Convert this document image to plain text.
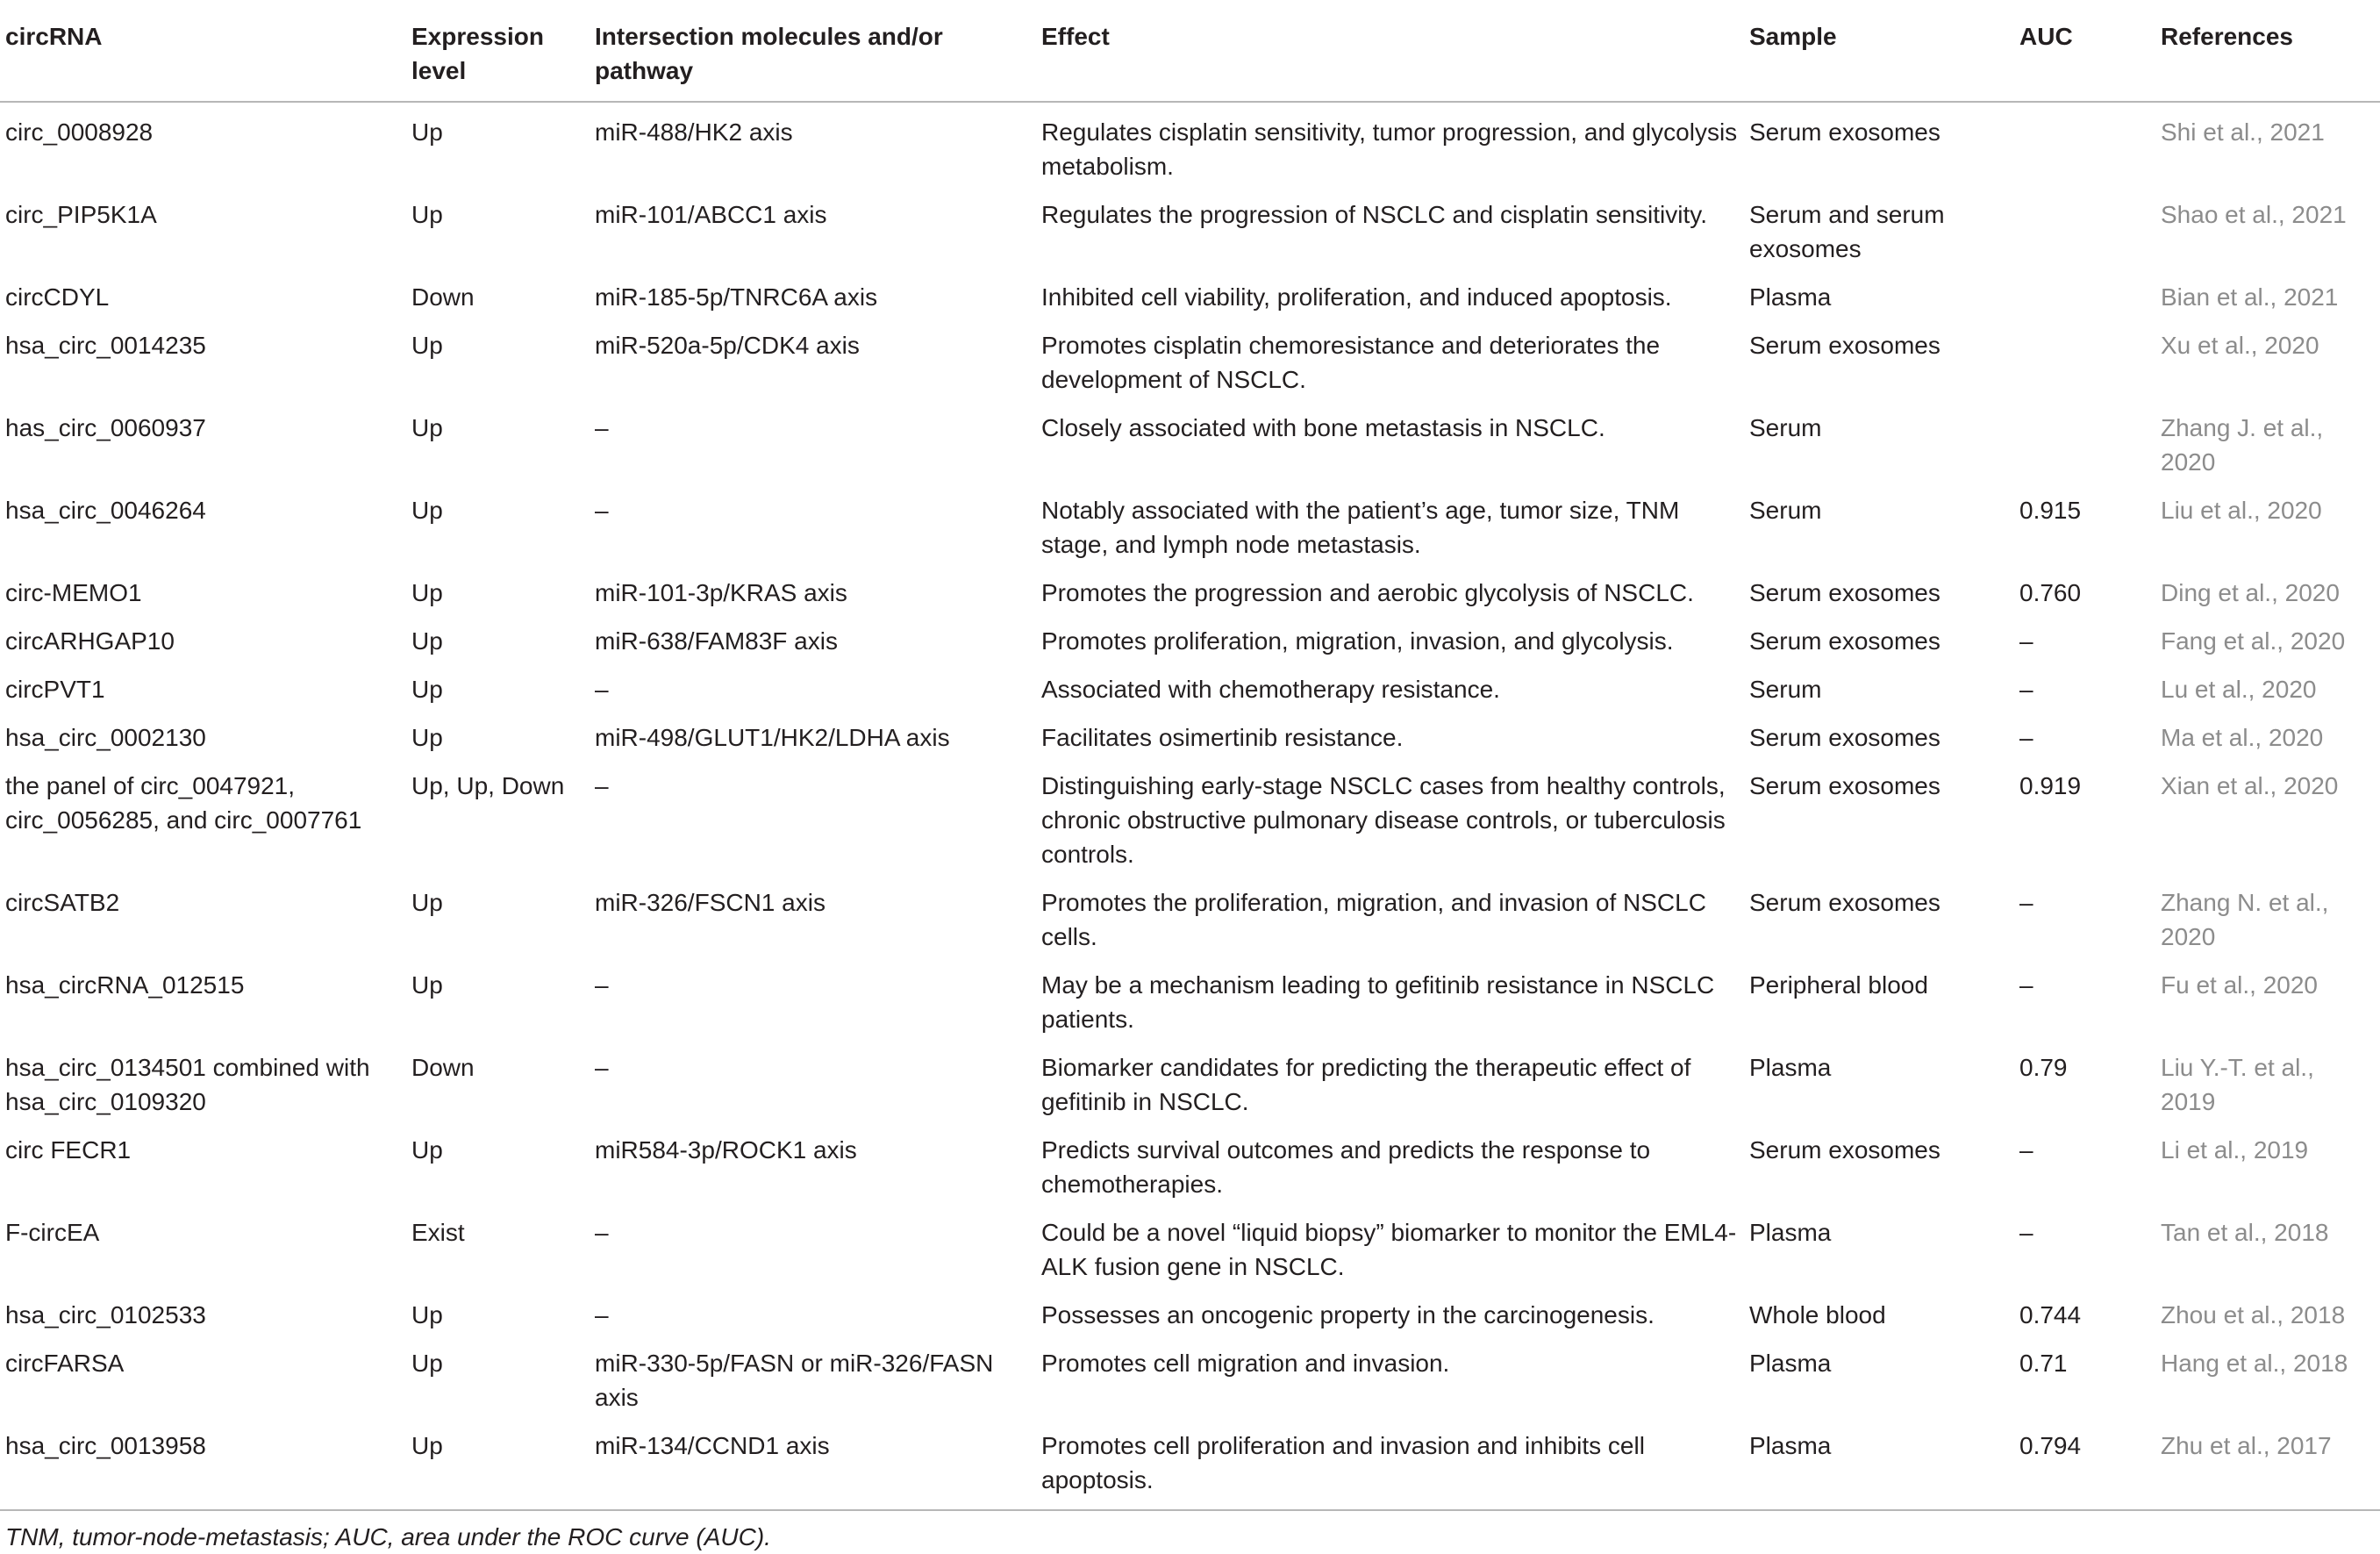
circRNA	Expression level	Intersection molecules and/or pathway	Effect	Sample	AUC	References
circ_0008928	Up	miR-488/HK2 axis	Regulates cisplatin sensitivity, tumor progression, and glycolysis metabolism.	Serum exosomes		Shi et al., 2021
circ_PIP5K1A	Up	miR-101/ABCC1 axis	Regulates the progression of NSCLC and cisplatin sensitivity.	Serum and serum exosomes		Shao et al., 2021
circCDYL	Down	miR-185-5p/TNRC6A axis	Inhibited cell viability, proliferation, and induced apoptosis.	Plasma		Bian et al., 2021
hsa_circ_0014235	Up	miR-520a-5p/CDK4 axis	Promotes cisplatin chemoresistance and deteriorates the development of NSCLC.	Serum exosomes		Xu et al., 2020
has_circ_0060937	Up	–	Closely associated with bone metastasis in NSCLC.	Serum		Zhang J. et al., 2020
hsa_circ_0046264	Up	–	Notably associated with the patient’s age, tumor size, TNM stage, and lymph node metastasis.	Serum	0.915	Liu et al., 2020
circ-MEMO1	Up	miR-101-3p/KRAS axis	Promotes the progression and aerobic glycolysis of NSCLC.	Serum exosomes	0.760	Ding et al., 2020
circARHGAP10	Up	miR-638/FAM83F axis	Promotes proliferation, migration, invasion, and glycolysis.	Serum exosomes	–	Fang et al., 2020
circPVT1	Up	–	Associated with chemotherapy resistance.	Serum	–	Lu et al., 2020
hsa_circ_0002130	Up	miR-498/GLUT1/HK2/LDHA axis	Facilitates osimertinib resistance.	Serum exosomes	–	Ma et al., 2020
the panel of circ_0047921, circ_0056285, and circ_0007761	Up, Up, Down	–	Distinguishing early-stage NSCLC cases from healthy controls, chronic obstructive pulmonary disease controls, or tuberculosis controls.	Serum exosomes	0.919	Xian et al., 2020
circSATB2	Up	miR-326/FSCN1 axis	Promotes the proliferation, migration, and invasion of NSCLC cells.	Serum exosomes	–	Zhang N. et al., 2020
hsa_circRNA_012515	Up	–	May be a mechanism leading to gefitinib resistance in NSCLC patients.	Peripheral blood	–	Fu et al., 2020
hsa_circ_0134501 combined with hsa_circ_0109320	Down	–	Biomarker candidates for predicting the therapeutic effect of gefitinib in NSCLC.	Plasma	0.79	Liu Y.-T. et al., 2019
circ FECR1	Up	miR584-3p/ROCK1 axis	Predicts survival outcomes and predicts the response to chemotherapies.	Serum exosomes	–	Li et al., 2019
F-circEA	Exist	–	Could be a novel “liquid biopsy” biomarker to monitor the EML4-ALK fusion gene in NSCLC.	Plasma	–	Tan et al., 2018
hsa_circ_0102533	Up	–	Possesses an oncogenic property in the carcinogenesis.	Whole blood	0.744	Zhou et al., 2018
circFARSA	Up	miR-330-5p/FASN or miR-326/FASN axis	Promotes cell migration and invasion.	Plasma	0.71	Hang et al., 2018
hsa_circ_0013958	Up	miR-134/CCND1 axis	Promotes cell proliferation and invasion and inhibits cell apoptosis.	Plasma	0.794	Zhu et al., 2017
TNM, tumor-node-metastasis; AUC, area under the ROC curve (AUC).
